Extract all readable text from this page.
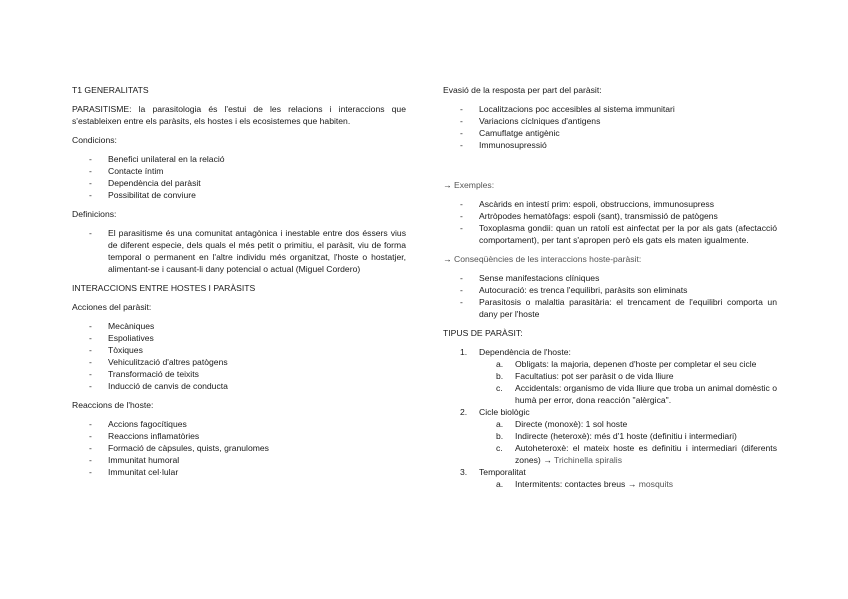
T1 GENERALITATS

PARASITISME: la parasitologia és l'estui de les relacions i interaccions que s'estableixen entre els paràsits, els hostes i els ecosistemes que habiten.

Condicions:

- Benefici unilateral en la relació
- Contacte íntim
- Dependència del paràsit
- Possibilitat de conviure

Definicions:

- El parasitisme és una comunitat antagònica i inestable entre dos éssers vius de diferent especie, dels quals el més petit o primitiu, el paràsit, viu de forma temporal o permanent en l'altre individu més organitzat, l'hoste o hostatjer, alimentant-se i causant-li dany potencial o actual (Miguel Cordero)

INTERACCIONS ENTRE HOSTES I PARÀSITS

Acciones del paràsit:

- Mecàniques
- Espoliatives
- Tòxiques
- Vehiculització d'altres patògens
- Transformació de teixits
- Inducció de canvis de conducta

Reaccions de l'hoste:

- Accions fagocítiques
- Reaccions inflamatòries
- Formació de càpsules, quists, granulomes
- Immunitat humoral
- Immunitat cel·lular

Evasió de la resposta per part del paràsit:

- Localitzacions poc accesibles al sistema immunitari
- Variacions cíclniques d'antigens
- Camuflatge antigènic
- Immunosupressió

→ Exemples:

- Ascàrids en intestí prim: espoli, obstruccions, immunosupress
- Artròpodes hematòfags: espoli (sant), transmissió de patògens
- Toxoplasma gondii: quan un ratolí est ainfectat per la por als gats (afectacció comportament), per tant s'apropen però els gats els maten igualmente.

→ Conseqüències de les interaccions hoste-paràsit:

- Sense manifestacions clíniques
- Autocuració: es trenca l'equilibri, paràsits son eliminats
- Parasitosis o malaltia parasitària: el trencament de l'equilibri comporta un dany per l'hoste

TIPUS DE PARÀSIT:

1. Dependència de l'hoste:
a. Obligats: la majoria, depenen d'hoste per completar el seu cicle
b. Facultatius: pot ser paràsit o de vida lliure
c. Accidentals: organismo de vida lliure que troba un animal domèstic o humà per error, dona reacción "alèrgica".
2. Cicle biològic
a. Directe (monoxè): 1 sol hoste
b. Indirecte (heteroxè): més d'1 hoste (definitiu i intermediari)
c. Autoheteroxè: el mateix hoste es definitiu i intermediari (diferents zones) → Trichinella spiralis
3. Temporalitat
a. Intermitents: contactes breus → mosquits
